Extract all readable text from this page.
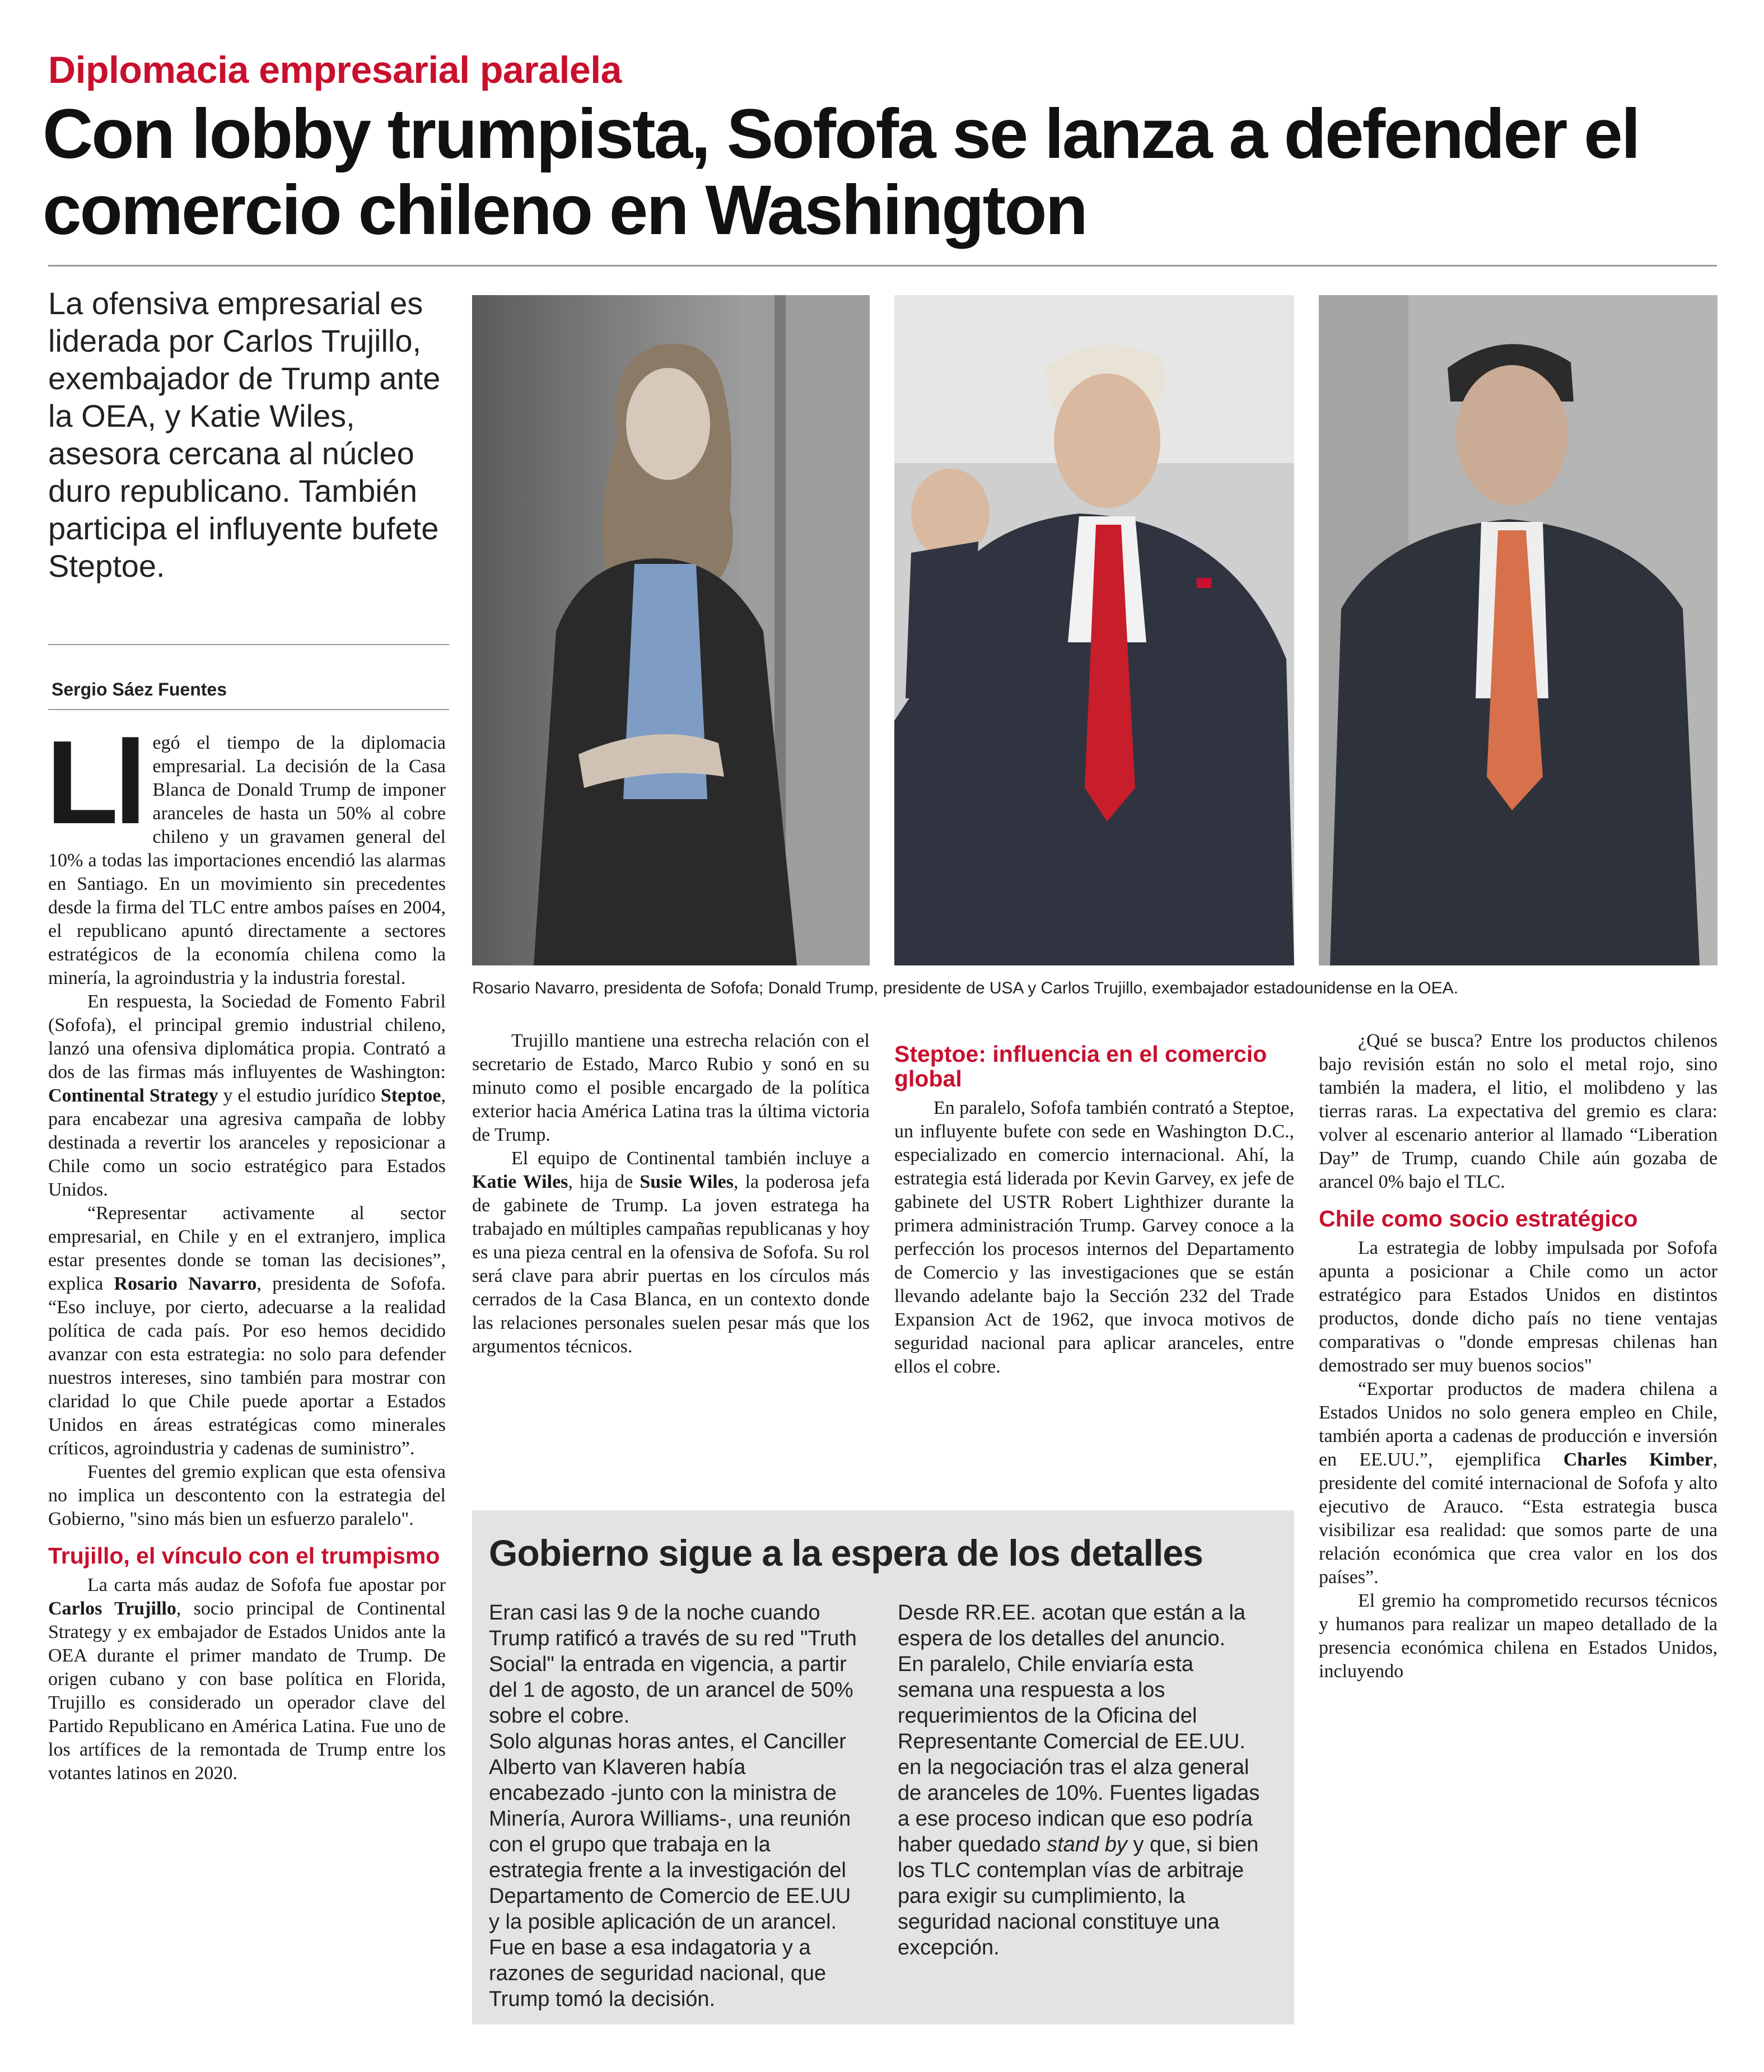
Diplomacia empresarial paralela
Con lobby trumpista, Sofofa se lanza a defender el comercio chileno en Washington
La ofensiva empresarial es liderada por Carlos Trujillo, exembajador de Trump ante la OEA, y Katie Wiles, asesora cercana al núcleo duro republicano. También participa el influyente bufete Steptoe.
Sergio Sáez Fuentes
Rosario Navarro, presidenta de Sofofa; Donald Trump, presidente de USA y Carlos Trujillo, exembajador estadounidense en la OEA.

Ll egó el tiempo de la diplomacia empresarial. La decisión de la Casa Blanca de Donald Trump de imponer aranceles de hasta un 50% al cobre chileno y un gravamen general del 10% a todas las importaciones encendió las alarmas en Santiago. En un movimiento sin precedentes desde la firma del TLC entre ambos países en 2004, el republicano apuntó directamente a sectores estratégicos de la economía chilena como la minería, la agroindustria y la industria forestal.

En respuesta, la Sociedad de Fomento Fabril (Sofofa), el principal gremio industrial chileno, lanzó una ofensiva diplomática propia. Contrató a dos de las firmas más influyentes de Washington: Continental Strategy y el estudio jurídico Steptoe, para encabezar una agresiva campaña de lobby destinada a revertir los aranceles y reposicionar a Chile como un socio estratégico para Estados Unidos.

“Representar activamente al sector empresarial, en Chile y en el extranjero, implica estar presentes donde se toman las decisiones”, explica Rosario Navarro, presidenta de Sofofa. “Eso incluye, por cierto, adecuarse a la realidad política de cada país. Por eso hemos decidido avanzar con esta estrategia: no solo para defender nuestros intereses, sino también para mostrar con claridad lo que Chile puede aportar a Estados Unidos en áreas estratégicas como minerales críticos, agroindustria y cadenas de suministro”.

Fuentes del gremio explican que esta ofensiva no implica un descontento con la estrategia del Gobierno, "sino más bien un esfuerzo paralelo".

Trujillo, el vínculo con el trumpismo

La carta más audaz de Sofofa fue apostar por Carlos Trujillo, socio principal de Continental Strategy y ex embajador de Estados Unidos ante la OEA durante el primer mandato de Trump. De origen cubano y con base política en Florida, Trujillo es considerado un operador clave del Partido Republicano en América Latina. Fue uno de los artífices de la remontada de Trump entre los votantes latinos en 2020.

Trujillo mantiene una estrecha relación con el secretario de Estado, Marco Rubio y sonó en su minuto como el posible encargado de la política exterior hacia América Latina tras la última victoria de Trump.

El equipo de Continental también incluye a Katie Wiles, hija de Susie Wiles, la poderosa jefa de gabinete de Trump. La joven estratega ha trabajado en múltiples campañas republicanas y hoy es una pieza central en la ofensiva de Sofofa. Su rol será clave para abrir puertas en los círculos más cerrados de la Casa Blanca, en un contexto donde las relaciones personales suelen pesar más que los argumentos técnicos.

Steptoe: influencia en el comercio global

En paralelo, Sofofa también contrató a Steptoe, un influyente bufete con sede en Washington D.C., especializado en comercio internacional. Ahí, la estrategia está liderada por Kevin Garvey, ex jefe de gabinete del USTR Robert Lighthizer durante la primera administración Trump. Garvey conoce a la perfección los procesos internos del Departamento de Comercio y las investigaciones que se están llevando adelante bajo la Sección 232 del Trade Expansion Act de 1962, que invoca motivos de seguridad nacional para aplicar aranceles, entre ellos el cobre.

¿Qué se busca? Entre los productos chilenos bajo revisión están no solo el metal rojo, sino también la madera, el litio, el molibdeno y las tierras raras. La expectativa del gremio es clara: volver al escenario anterior al llamado “Liberation Day” de Trump, cuando Chile aún gozaba de arancel 0% bajo el TLC.

Chile como socio estratégico

La estrategia de lobby impulsada por Sofofa apunta a posicionar a Chile como un actor estratégico para Estados Unidos en distintos productos, donde dicho país no tiene ventajas comparativas o "donde empresas chilenas han demostrado ser muy buenos socios"

“Exportar productos de madera chilena a Estados Unidos no solo genera empleo en Chile, también aporta a cadenas de producción e inversión en EE.UU.”, ejemplifica Charles Kimber, presidente del comité internacional de Sofofa y alto ejecutivo de Arauco. “Esta estrategia busca visibilizar esa realidad: que somos parte de una relación económica que crea valor en los dos países”.

El gremio ha comprometido recursos técnicos y humanos para realizar un mapeo detallado de la presencia económica chilena en Estados Unidos, incluyendo

Gobierno sigue a la espera de los detalles
Eran casi las 9 de la noche cuando Trump ratificó a través de su red "Truth Social" la entrada en vigencia, a partir del 1 de agosto, de un arancel de 50% sobre el cobre.
Solo algunas horas antes, el Canciller Alberto van Klaveren había encabezado -junto con la ministra de Minería, Aurora Williams-, una reunión con el grupo que trabaja en la estrategia frente a la investigación del Departamento de Comercio de EE.UU y la posible aplicación de un arancel. Fue en base a esa indagatoria y a razones de seguridad nacional, que Trump tomó la decisión.
Desde RR.EE. acotan que están a la espera de los detalles del anuncio.
En paralelo, Chile enviaría esta semana una respuesta a los requerimientos de la Oficina del Representante Comercial de EE.UU. en la negociación tras el alza general de aranceles de 10%. Fuentes ligadas a ese proceso indican que eso podría haber quedado stand by y que, si bien los TLC contemplan vías de arbitraje para exigir su cumplimiento, la seguridad nacional constituye una excepción.
